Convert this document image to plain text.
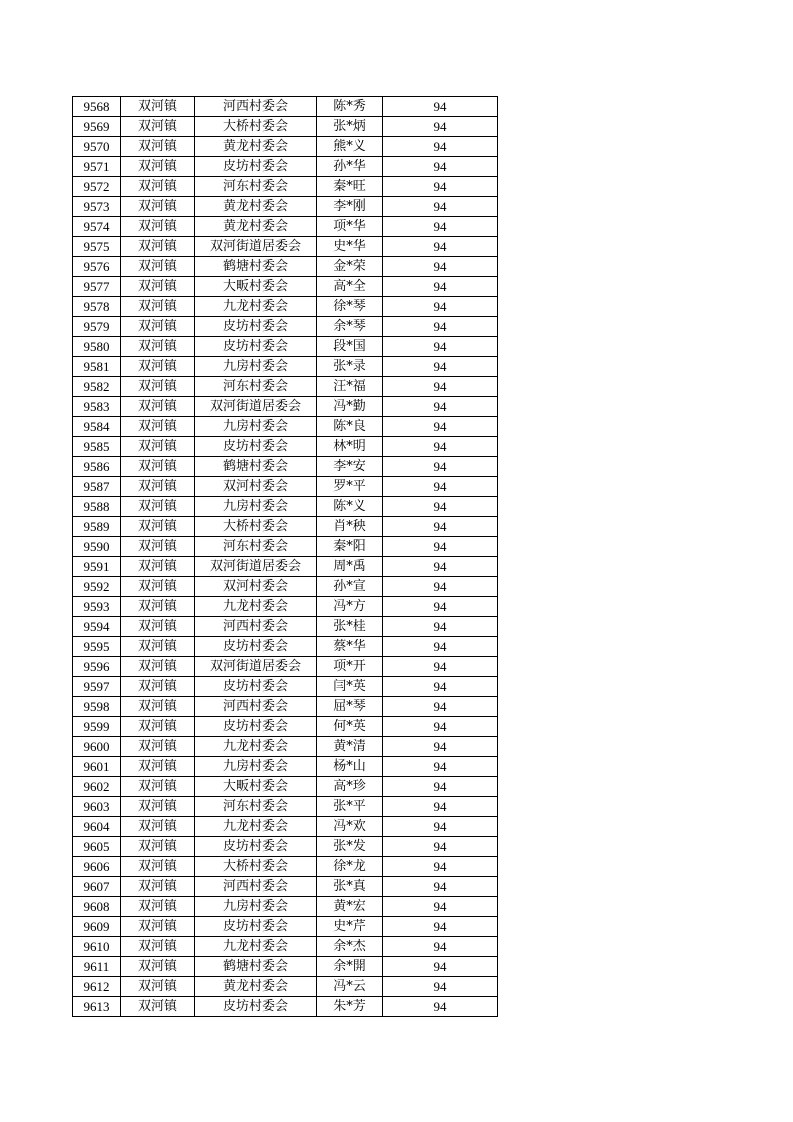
9568	双河镇	河西村委会	陈*秀	94
9569	双河镇	大桥村委会	张*炳	94
9570	双河镇	黄龙村委会	熊*义	94
9571	双河镇	皮坊村委会	孙*华	94
9572	双河镇	河东村委会	秦*旺	94
9573	双河镇	黄龙村委会	李*刚	94
9574	双河镇	黄龙村委会	项*华	94
9575	双河镇	双河街道居委会	史*华	94
9576	双河镇	鹤塘村委会	金*荣	94
9577	双河镇	大畈村委会	高*全	94
9578	双河镇	九龙村委会	徐*琴	94
9579	双河镇	皮坊村委会	余*琴	94
9580	双河镇	皮坊村委会	段*国	94
9581	双河镇	九房村委会	张*录	94
9582	双河镇	河东村委会	汪*福	94
9583	双河镇	双河街道居委会	冯*勤	94
9584	双河镇	九房村委会	陈*良	94
9585	双河镇	皮坊村委会	林*明	94
9586	双河镇	鹤塘村委会	李*安	94
9587	双河镇	双河村委会	罗*平	94
9588	双河镇	九房村委会	陈*义	94
9589	双河镇	大桥村委会	肖*秧	94
9590	双河镇	河东村委会	秦*阳	94
9591	双河镇	双河街道居委会	周*禹	94
9592	双河镇	双河村委会	孙*宣	94
9593	双河镇	九龙村委会	冯*方	94
9594	双河镇	河西村委会	张*桂	94
9595	双河镇	皮坊村委会	蔡*华	94
9596	双河镇	双河街道居委会	项*开	94
9597	双河镇	皮坊村委会	闫*英	94
9598	双河镇	河西村委会	屈*琴	94
9599	双河镇	皮坊村委会	何*英	94
9600	双河镇	九龙村委会	黄*清	94
9601	双河镇	九房村委会	杨*山	94
9602	双河镇	大畈村委会	高*珍	94
9603	双河镇	河东村委会	张*平	94
9604	双河镇	九龙村委会	冯*欢	94
9605	双河镇	皮坊村委会	张*发	94
9606	双河镇	大桥村委会	徐*龙	94
9607	双河镇	河西村委会	张*真	94
9608	双河镇	九房村委会	黄*宏	94
9609	双河镇	皮坊村委会	史*芹	94
9610	双河镇	九龙村委会	余*杰	94
9611	双河镇	鹤塘村委会	余*開	94
9612	双河镇	黄龙村委会	冯*云	94
9613	双河镇	皮坊村委会	朱*芳	94
